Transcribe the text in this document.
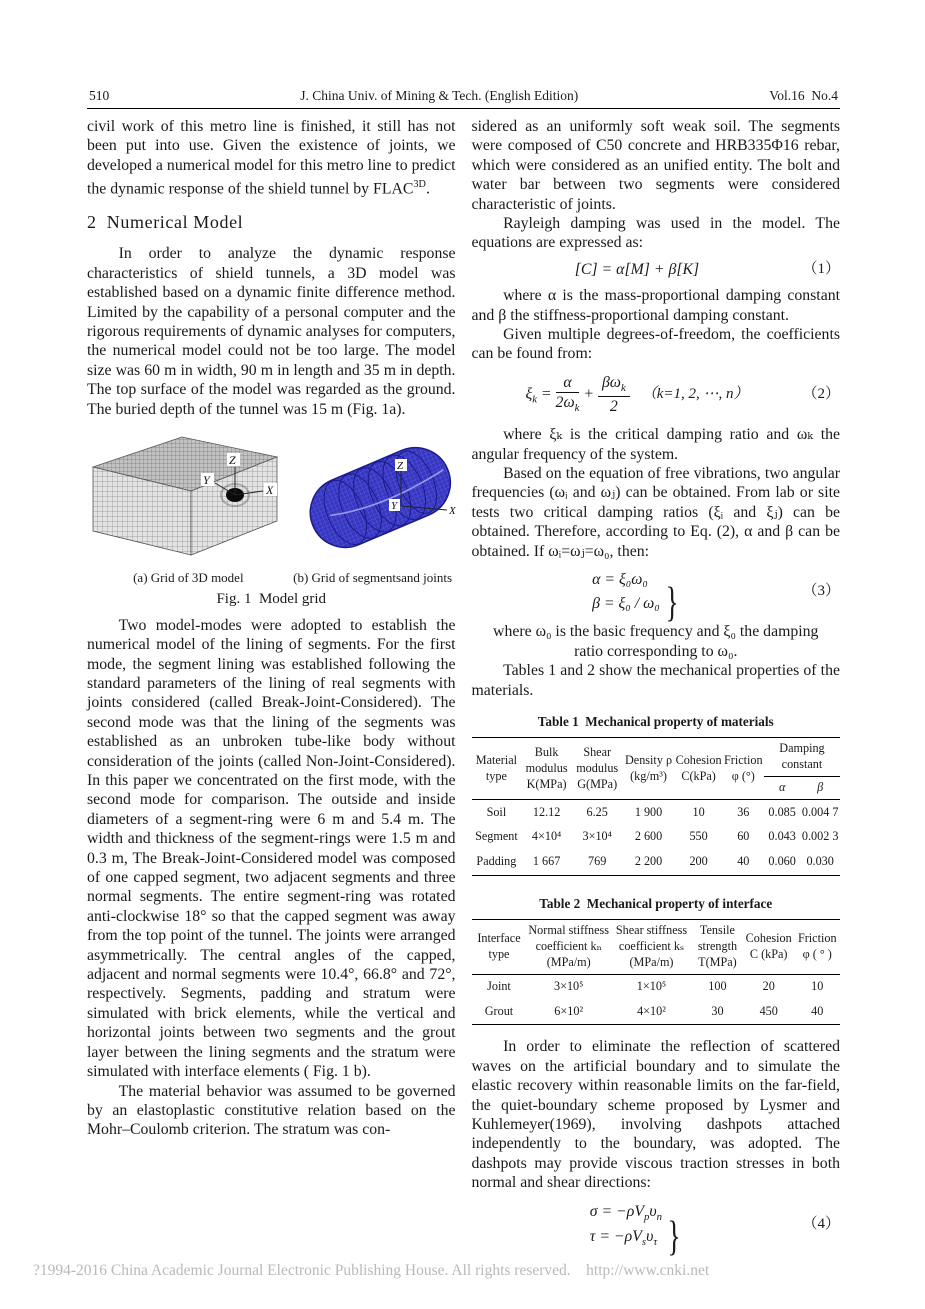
510	J. China Univ. of Mining & Tech. (English Edition)	Vol.16  No.4

civil work of this metro line is finished, it still has not been put into use. Given the existence of joints, we developed a numerical model for this metro line to predict the dynamic response of the shield tunnel by $FLAC^{3D}$.

2  Numerical Model

In order to analyze the dynamic response characteristics of shield tunnels, a 3D model was established based on a dynamic finite difference method. Limited by the capability of a personal computer and the rigorous requirements of dynamic analyses for computers, the numerical model could not be too large. The model size was 60 m in width, 90 m in length and 35 m in depth. The top surface of the model was regarded as the ground. The buried depth of the tunnel was 15 m (Fig. 1a).

Z
Y
X
Z
Y	X
(a) Grid of 3D model	(b) Grid of segmentsand joints
Fig. 1  Model grid

Two model-modes were adopted to establish the numerical model of the lining of segments. For the first mode, the segment lining was established following the standard parameters of the lining of real segments with joints considered (called Break-Joint-Considered). The second mode was that the lining of the segments was established as an unbroken tube-like body without consideration of the joints (called Non-Joint-Considered). In this paper we concentrated on the first mode, with the second mode for comparison. The outside and inside diameters of a segment-ring were 6 m and 5.4 m. The width and thickness of the segment-rings were 1.5 m and 0.3 m, The Break-Joint-Considered model was composed of one capped segment, two adjacent segments and three normal segments. The entire segment-ring was rotated anti-clockwise 18° so that the capped segment was away from the top point of the tunnel. The joints were arranged asymmetrically. The central angles of the capped, adjacent and normal segments were 10.4°, 66.8° and 72°, respectively. Segments, padding and stratum were simulated with brick elements, while the vertical and horizontal joints between two segments and the grout layer between the lining segments and the stratum were simulated with interface elements ( Fig. 1 b).

The material behavior was assumed to be governed by an elastoplastic constitutive relation based on the Mohr–Coulomb criterion. The stratum was con-

sidered as an uniformly soft weak soil. The segments were composed of C50 concrete and HRB335Φ16 rebar, which were considered as an unified entity. The bolt and water bar between two segments were considered characteristic of joints.

Rayleigh damping was used in the model. The equations are expressed as:

[C] = α[M] + β[K]	（1）

where α is the mass-proportional damping constant and β the stiffness-proportional damping constant.

Given multiple degrees-of-freedom, the coefficients can be found from:

$\xi_k = \frac{\alpha}{2\omega_k} + \frac{\beta\omega_k}{2} (k=1$, 2, ⋯, n）	（2）

where ξₖ is the critical damping ratio and ωₖ the angular frequency of the system.

Based on the equation of free vibrations, two angular frequencies (ωᵢ and ωⱼ) can be obtained. From lab or site tests two critical damping ratios (ξᵢ and ξⱼ) can be obtained. Therefore, according to Eq. (2), α and β can be obtained. If ωᵢ=ωⱼ=ω₀, then:

α = ξ₀ω₀
β = ξ₀ / ω₀ }	（3）

where ω₀ is the basic frequency and ξ₀ the damping
ratio corresponding to ω₀.

Tables 1 and 2 show the mechanical properties of the materials.

Table 1  Mechanical property of materials
Material type	Bulk modulus K(MPa)	Shear modulus G(MPa)	Density ρ (kg/m³)	Cohesion C(kPa)	Friction φ (°)	Damping constant	
						α	β
Soil	12.12	6.25	1 900	10	36	0.085	0.004 7
Segment	4×10⁴	3×10⁴	2 600	550	60	0.043	0.002 3
Padding	1 667	769	2 200	200	40	0.060	0.030
Table 2  Mechanical property of interface
Interface type	Normal stiffness coefficient kₙ (MPa/m)	Shear stiffness coefficient kₛ (MPa/m)	Tensile strength T(MPa)	Cohesion C (kPa)	Friction φ ( ° )
Joint	3×10⁵	1×10⁵	100	20	10
Grout	6×10²	4×10²	30	450	40

In order to eliminate the reflection of scattered waves on the artificial boundary and to simulate the elastic recovery within reasonable limits on the far-field, the quiet-boundary scheme proposed by Lysmer and Kuhlemeyer(1969), involving dashpots attached independently to the boundary, was adopted. The dashpots may provide viscous traction stresses in both normal and shear directions:

$\sigma = -\rho V_p\upsilon_n$
$\tau = -\rho V_s\upsilon_\tau$ }	（4）
?1994-2016 China Academic Journal Electronic Publishing House. All rights reserved.    http://www.cnki.net
